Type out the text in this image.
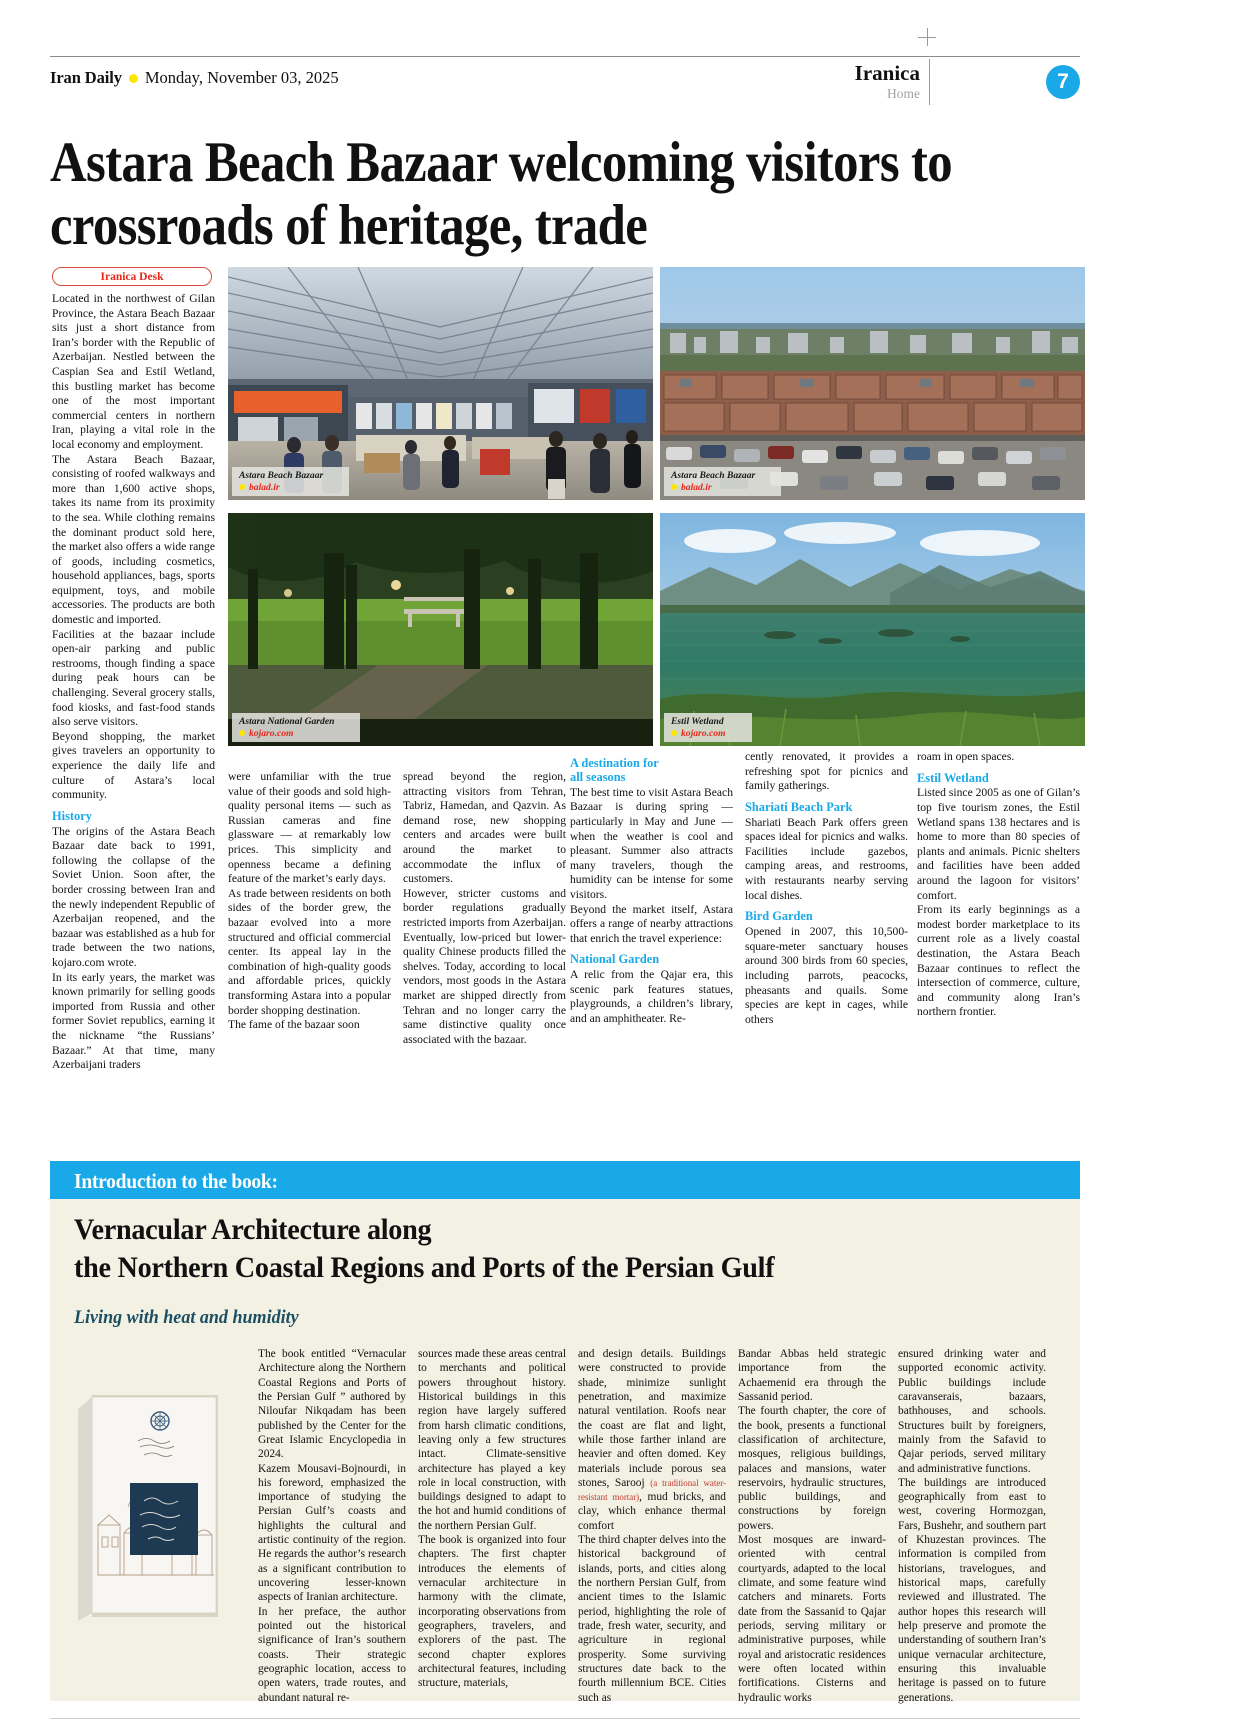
Iran Daily Monday, November 03, 2025	Iranica
Home
7
Astara Beach Bazaar welcoming visitors to crossroads of heritage, trade
Iranica Desk

Located in the northwest of Gilan Province, the Astara Beach Bazaar sits just a short distance from Iran’s border with the Republic of Azerbaijan. Nestled between the Caspian Sea and Estil Wetland, this bustling market has become one of the most important commercial centers in northern Iran, playing a vital role in the local economy and employment.

The Astara Beach Bazaar, consisting of roofed walkways and more than 1,600 active shops, takes its name from its proximity to the sea. While clothing remains the dominant product sold here, the market also offers a wide range of goods, including cosmetics, household appliances, bags, sports equipment, toys, and mobile accessories. The products are both domestic and imported.

Facilities at the bazaar include open-air parking and public restrooms, though finding a space during peak hours can be challenging. Several grocery stalls, food kiosks, and fast-food stands also serve visitors.

Beyond shopping, the market gives travelers an opportunity to experience the daily life and culture of Astara’s local community.

History

The origins of the Astara Beach Bazaar date back to 1991, following the collapse of the Soviet Union. Soon after, the border crossing between Iran and the newly independent Republic of Azerbaijan reopened, and the bazaar was established as a hub for trade between the two nations, kojaro.com wrote.

In its early years, the market was known primarily for selling goods imported from Russia and other former Soviet republics, earning it the nickname “the Russians’ Bazaar.” At that time, many Azerbaijani traders

Astara Beach Bazaar
balad.ir
Astara Beach Bazaar
balad.ir
Astara National Garden
kojaro.com
Estil Wetland
kojaro.com

were unfamiliar with the true value of their goods and sold high-quality personal items — such as Russian cameras and fine glassware — at remarkably low prices. This simplicity and openness became a defining feature of the market’s early days.

As trade between residents on both sides of the border grew, the bazaar evolved into a more structured and official commercial center. Its appeal lay in the combination of high-quality goods and affordable prices, quickly transforming Astara into a popular border shopping destination.

The fame of the bazaar soon

spread beyond the region, attracting visitors from Tehran, Tabriz, Hamedan, and Qazvin. As demand rose, new shopping centers and arcades were built around the market to accommodate the influx of customers.

However, stricter customs and border regulations gradually restricted imports from Azerbaijan. Eventually, low-priced but lower-quality Chinese products filled the shelves. Today, according to local vendors, most goods in the Astara market are shipped directly from Tehran and no longer carry the same distinctive quality once associated with the bazaar.

A destination for
all seasons

The best time to visit Astara Beach Bazaar is during spring — particularly in May and June —when the weather is cool and pleasant. Summer also attracts many travelers, though the humidity can be intense for some visitors.

Beyond the market itself, Astara offers a range of nearby attractions that enrich the travel experience:

National Garden

A relic from the Qajar era, this scenic park features statues, playgrounds, a children’s library, and an amphitheater. Re-

cently renovated, it provides a refreshing spot for picnics and family gatherings.

Shariati Beach Park

Shariati Beach Park offers green spaces ideal for picnics and walks. Facilities include gazebos, camping areas, and restrooms, with restaurants nearby serving local dishes.

Bird Garden

Opened in 2007, this 10,500-square-meter sanctuary houses around 300 birds from 60 species, including parrots, peacocks, pheasants and quails. Some species are kept in cages, while others

roam in open spaces.

Estil Wetland

Listed since 2005 as one of Gilan’s top five tourism zones, the Estil Wetland spans 138 hectares and is home to more than 80 species of plants and animals. Picnic shelters and facilities have been added around the lagoon for visitors’ comfort.

From its early beginnings as a modest border marketplace to its current role as a lively coastal destination, the Astara Beach Bazaar continues to reflect the intersection of commerce, culture, and community along Iran’s northern frontier.

Introduction to the book:
Vernacular Architecture along
the Northern Coastal Regions and Ports of the Persian Gulf
Living with heat and humidity

The book entitled “Vernacular Architecture along the Northern Coastal Regions and Ports of the Persian Gulf ” authored by Niloufar Nikqadam has been published by the Center for the Great Islamic Encyclopedia in 2024.

Kazem Mousavi-Bojnourdi, in his foreword, emphasized the importance of studying the Persian Gulf’s coasts and highlights the cultural and artistic continuity of the region. He regards the author’s research as a significant contribution to uncovering lesser-known aspects of Iranian architecture.

In her preface, the author pointed out the historical significance of Iran’s southern coasts. Their strategic geographic location, access to open waters, trade routes, and abundant natural re-

sources made these areas central to merchants and political powers throughout history. Historical buildings in this region have largely suffered from harsh climatic conditions, leaving only a few structures intact. Climate-sensitive architecture has played a key role in local construction, with buildings designed to adapt to the hot and humid conditions of the northern Persian Gulf.

The book is organized into four chapters. The first chapter introduces the elements of vernacular architecture in harmony with the climate, incorporating observations from geographers, travelers, and explorers of the past. The second chapter explores architectural features, including structure, materials,

and design details. Buildings were constructed to provide shade, minimize sunlight penetration, and maximize natural ventilation. Roofs near the coast are flat and light, while those farther inland are heavier and often domed. Key materials include porous sea stones, Sarooj (a traditional water-resistant mortar), mud bricks, and clay, which enhance thermal comfort

The third chapter delves into the historical background of islands, ports, and cities along the northern Persian Gulf, from ancient times to the Islamic period, highlighting the role of trade, fresh water, security, and agriculture in regional prosperity. Some surviving structures date back to the fourth millennium BCE. Cities such as

Bandar Abbas held strategic importance from the Achaemenid era through the Sassanid period.

The fourth chapter, the core of the book, presents a functional classification of architecture, mosques, religious buildings, palaces and mansions, water reservoirs, hydraulic structures, public buildings, and constructions by foreign powers.

Most mosques are inward-oriented with central courtyards, adapted to the local climate, and some feature wind catchers and minarets. Forts date from the Sassanid to Qajar periods, serving military or administrative purposes, while royal and aristocratic residences were often located within fortifications. Cisterns and hydraulic works

ensured drinking water and supported economic activity. Public buildings include caravanserais, bazaars, bathhouses, and schools. Structures built by foreigners, mainly from the Safavid to Qajar periods, served military and administrative functions.

The buildings are introduced geographically from east to west, covering Hormozgan, Fars, Bushehr, and southern part of Khuzestan provinces. The information is compiled from historians, travelogues, and historical maps, carefully reviewed and illustrated. The author hopes this research will help preserve and promote the understanding of southern Iran’s unique vernacular architecture, ensuring this invaluable heritage is passed on to future generations.
